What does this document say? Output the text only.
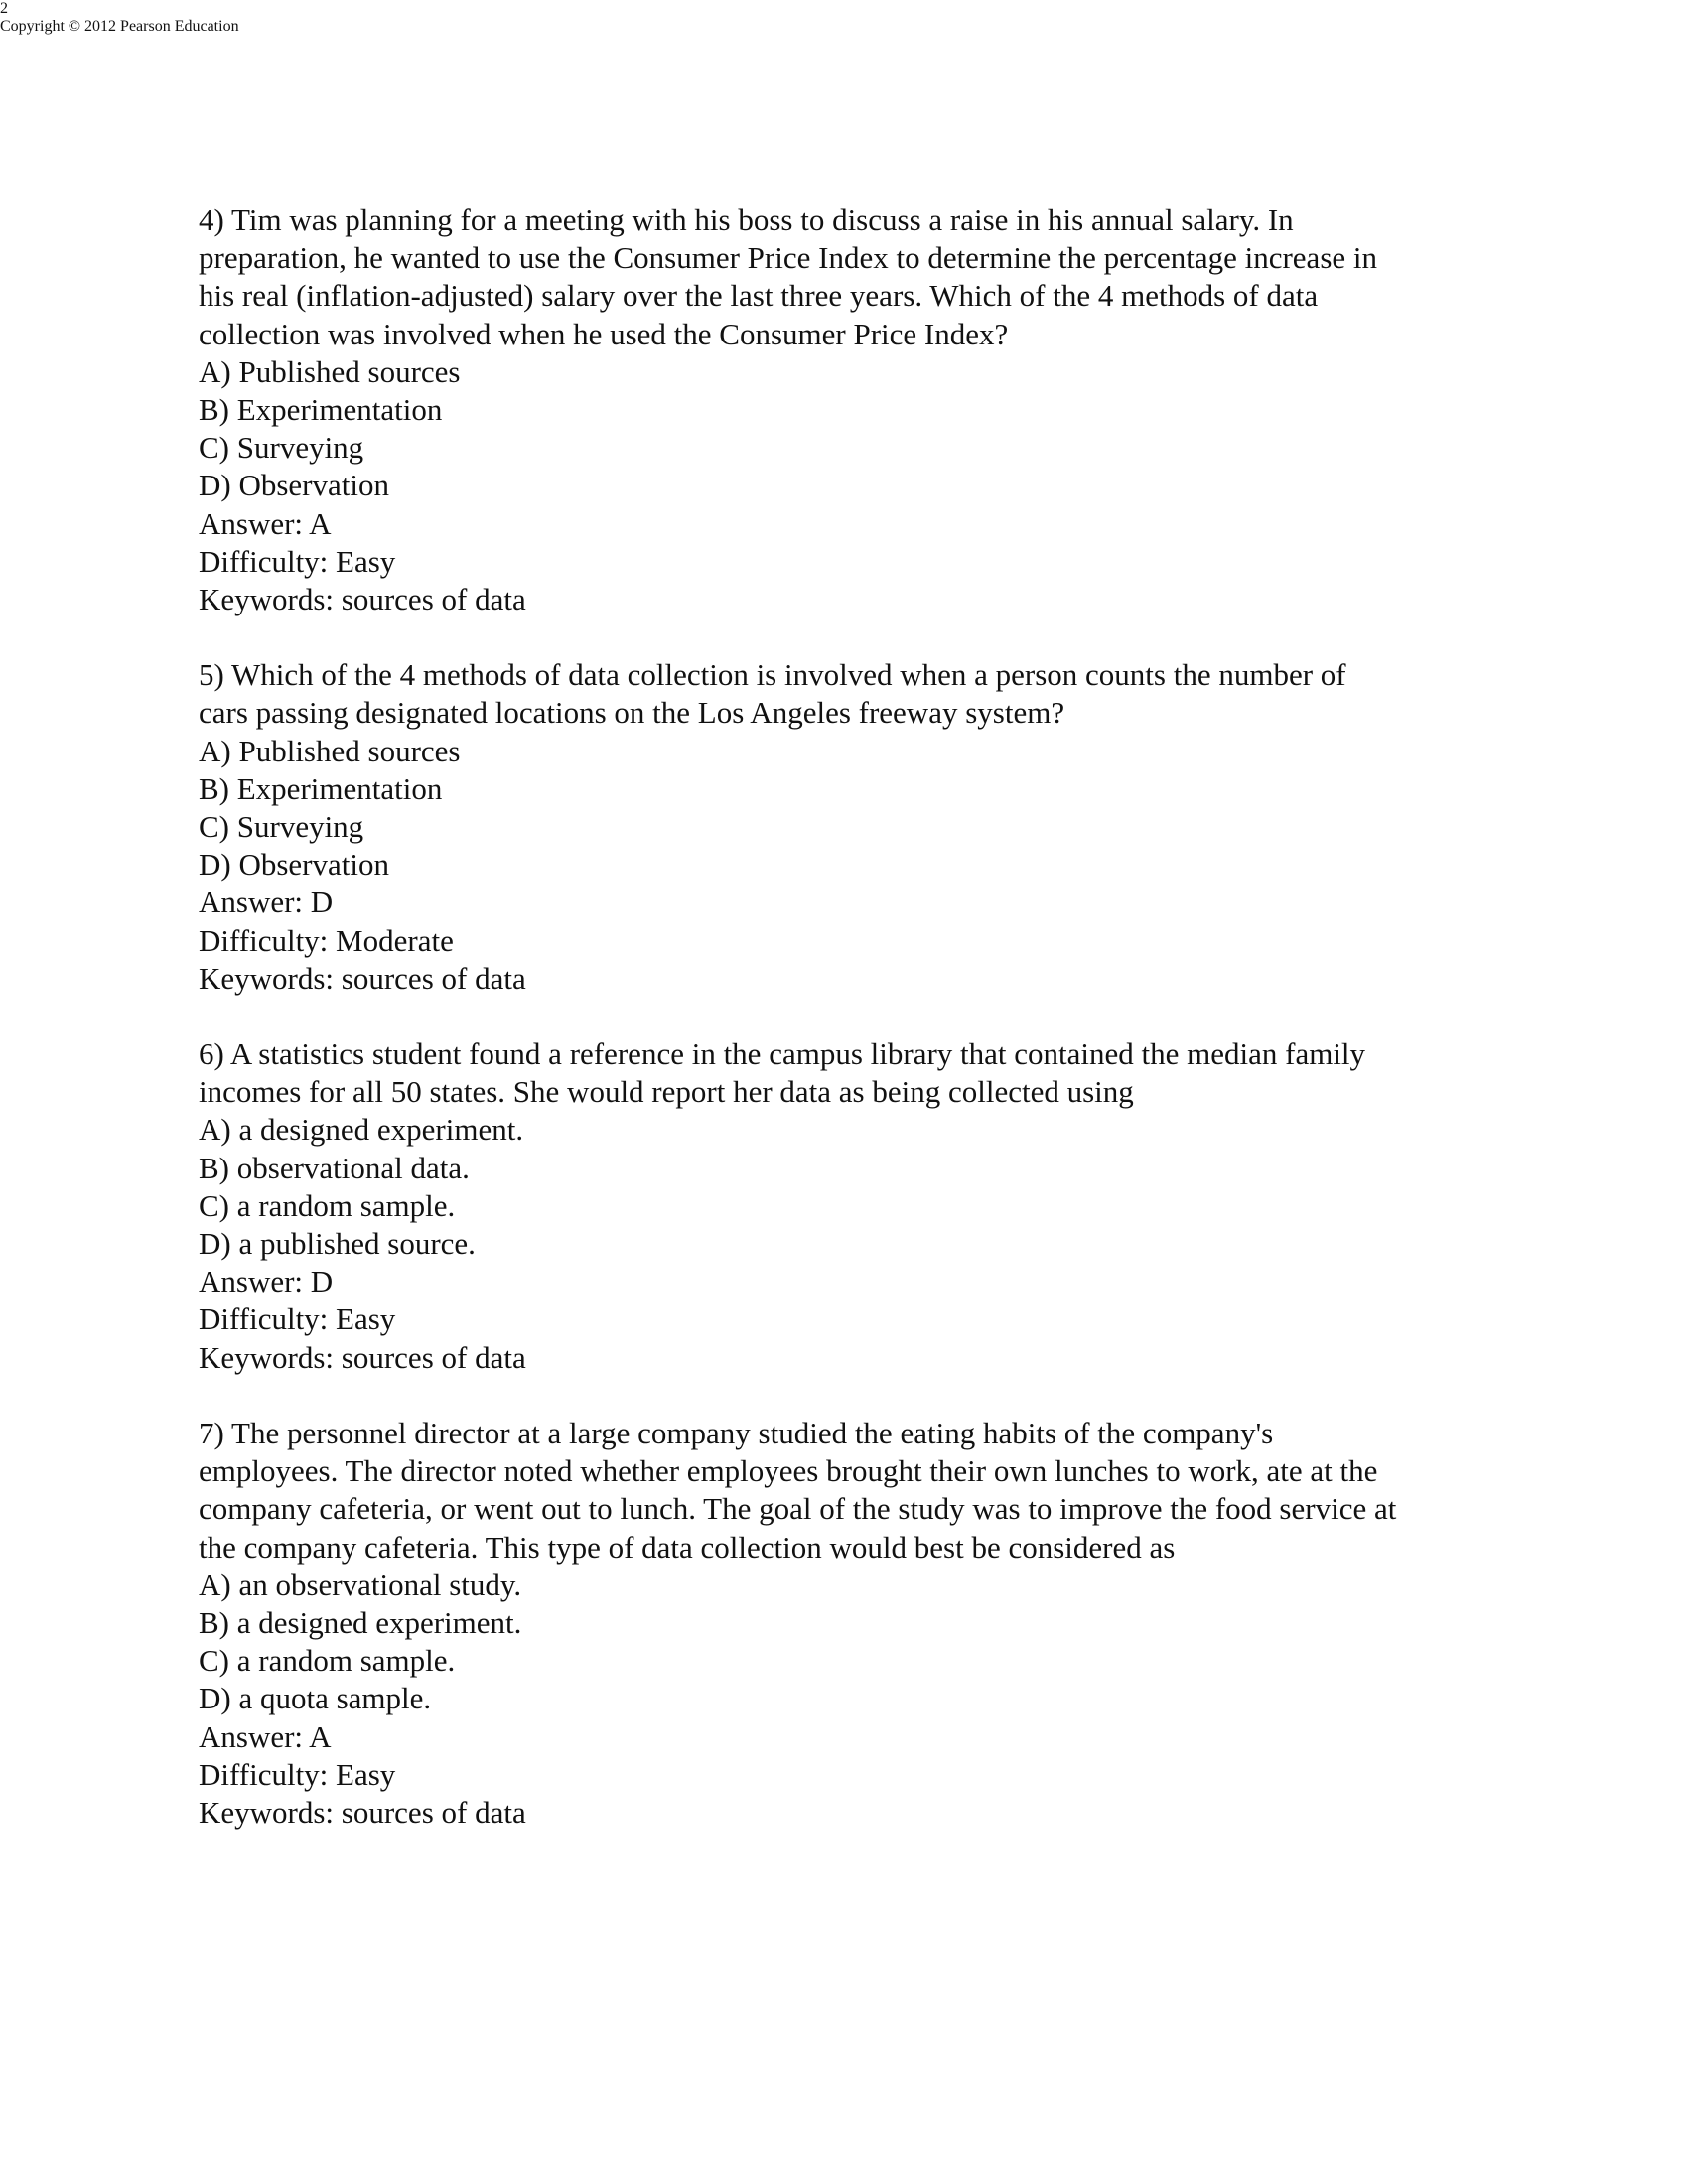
4) Tim was planning for a meeting with his boss to discuss a raise in his annual salary. In
preparation, he wanted to use the Consumer Price Index to determine the percentage increase in
his real (inflation-adjusted) salary over the last three years. Which of the 4 methods of data
collection was involved when he used the Consumer Price Index?
A) Published sources
B) Experimentation
C) Surveying
D) Observation
Answer: A
Difficulty: Easy
Keywords: sources of data
5) Which of the 4 methods of data collection is involved when a person counts the number of
cars passing designated locations on the Los Angeles freeway system?
A) Published sources
B) Experimentation
C) Surveying
D) Observation
Answer: D
Difficulty: Moderate
Keywords: sources of data
6) A statistics student found a reference in the campus library that contained the median family
incomes for all 50 states. She would report her data as being collected using
A) a designed experiment.
B) observational data.
C) a random sample.
D) a published source.
Answer: D
Difficulty: Easy
Keywords: sources of data
7) The personnel director at a large company studied the eating habits of the company's
employees. The director noted whether employees brought their own lunches to work, ate at the
company cafeteria, or went out to lunch. The goal of the study was to improve the food service at
the company cafeteria. This type of data collection would best be considered as
A) an observational study.
B) a designed experiment.
C) a random sample.
D) a quota sample.
Answer: A
Difficulty: Easy
Keywords: sources of data
2
Copyright © 2012 Pearson Education
